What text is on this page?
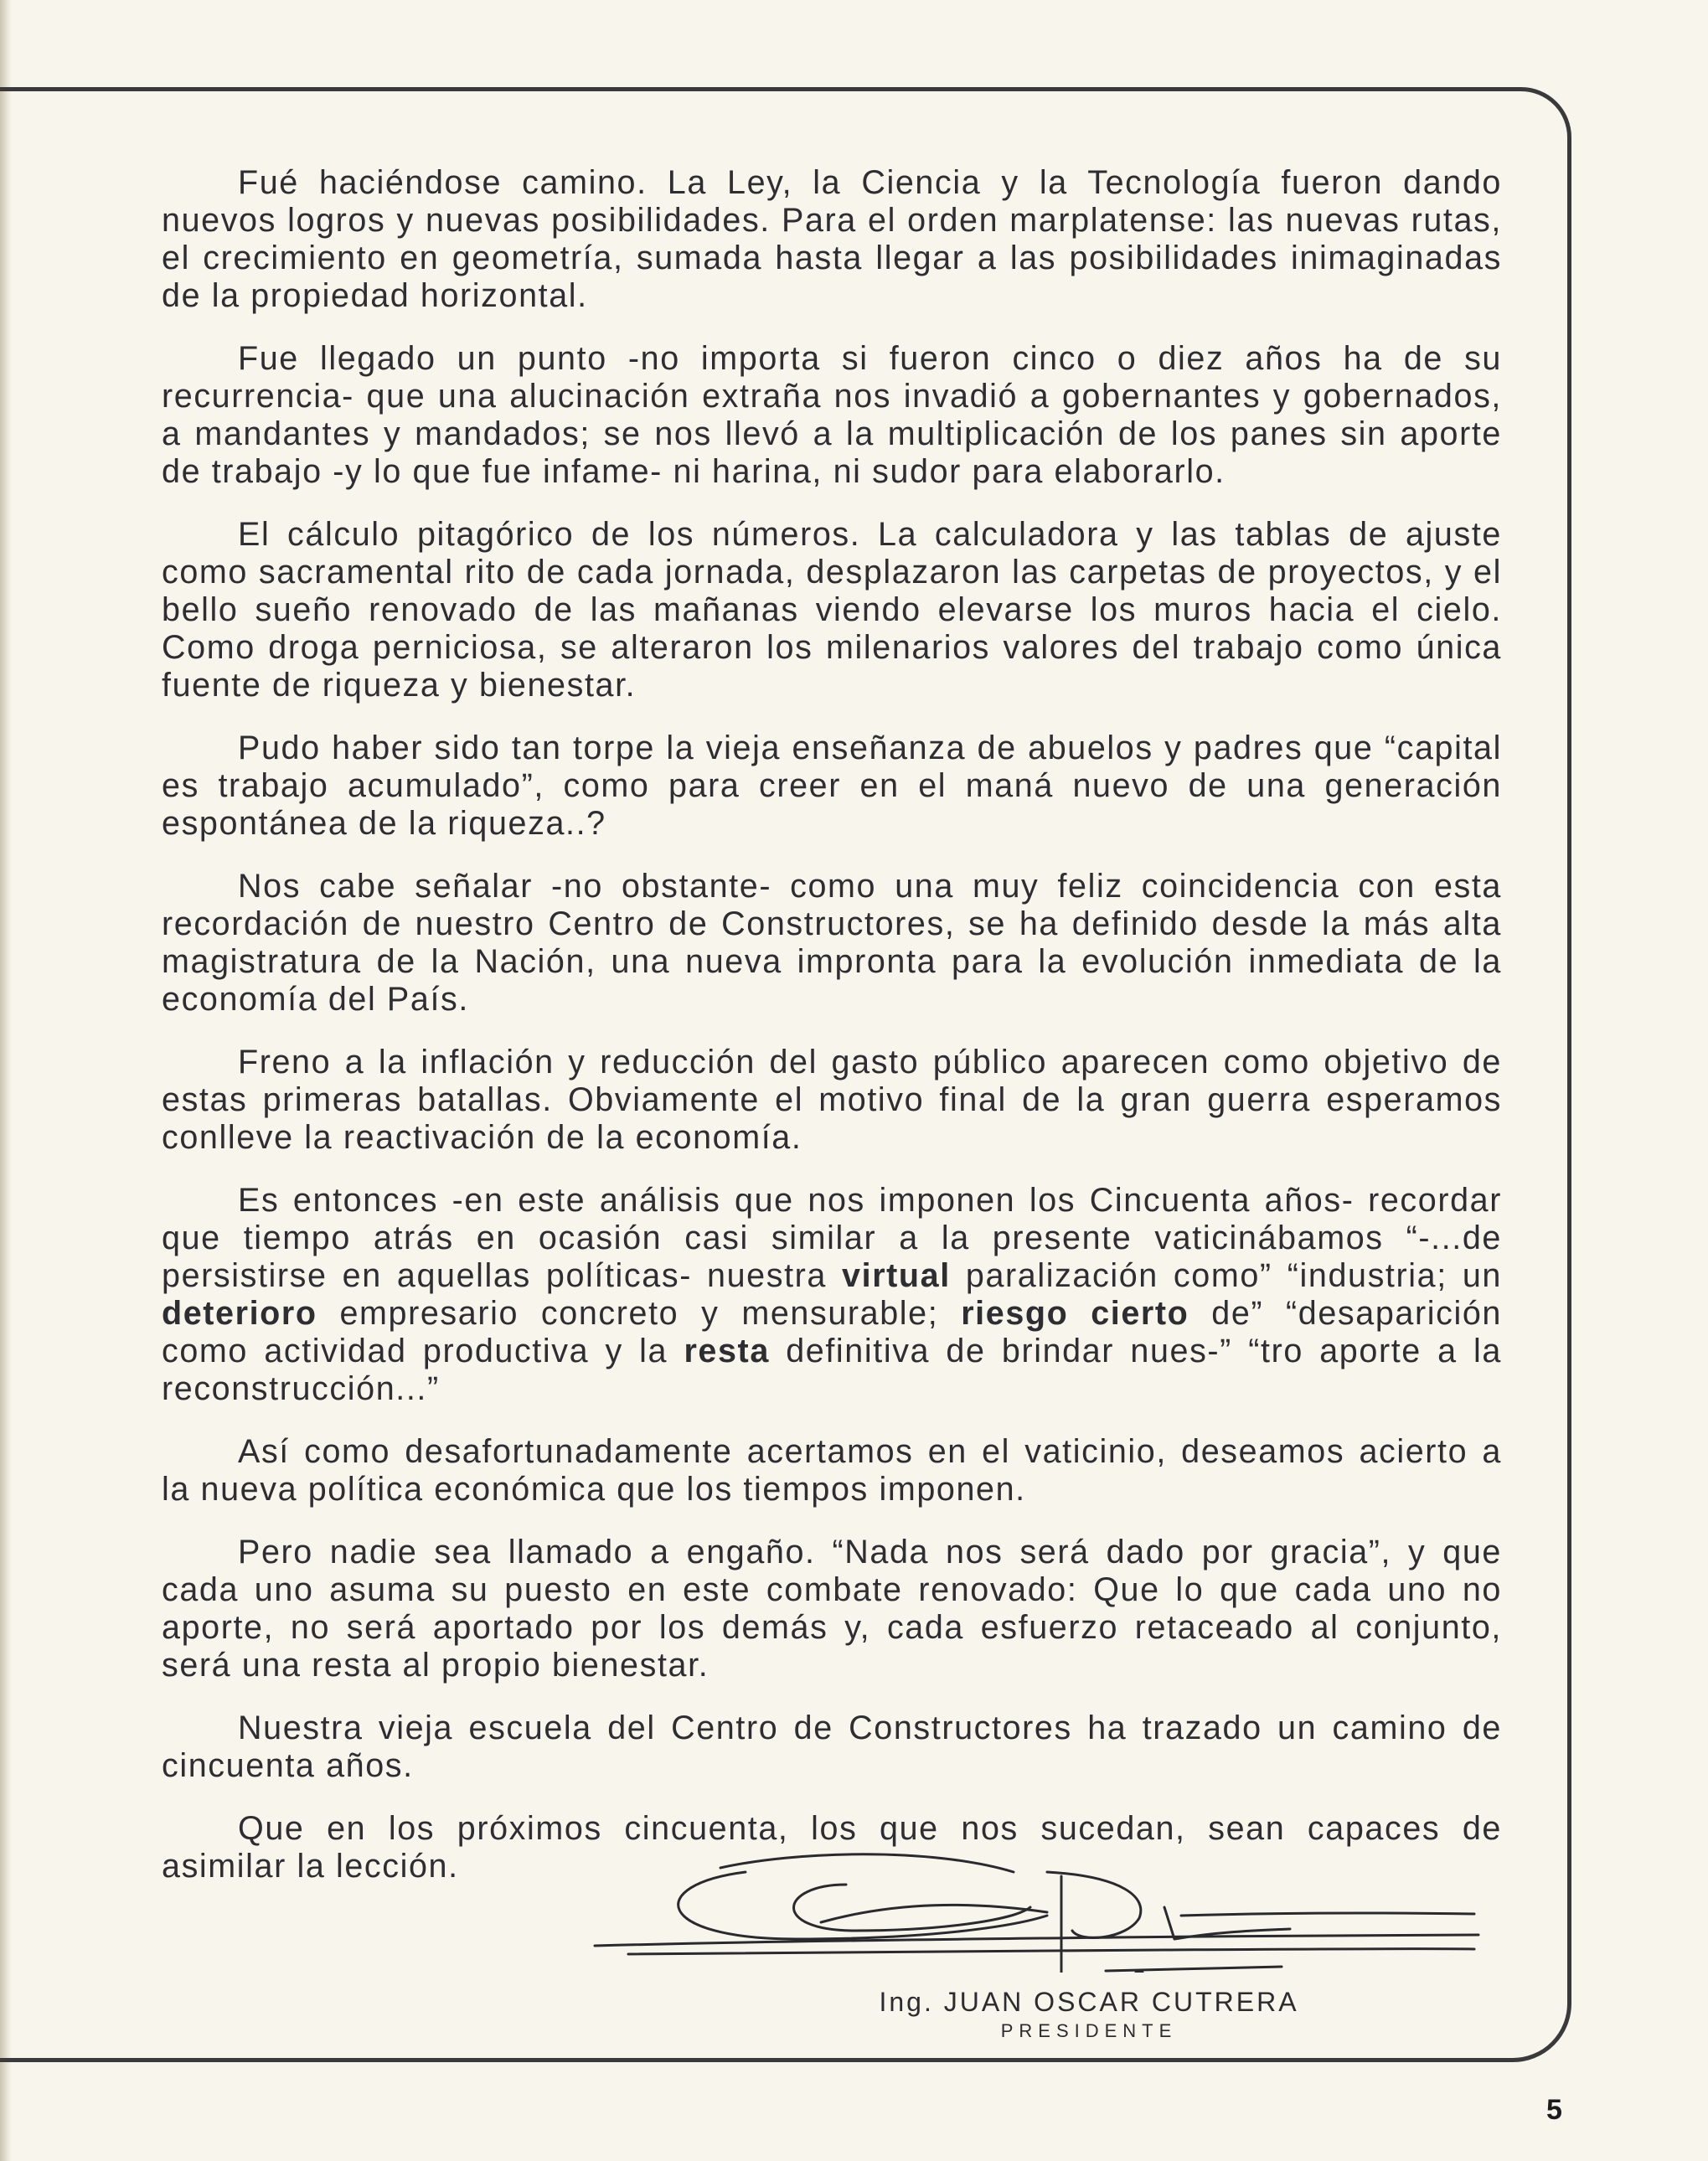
Fué haciéndose camino. La Ley, la Ciencia y la Tecnología fueron dando nuevos logros y nuevas posibilidades. Para el orden marplatense: las nuevas rutas, el crecimiento en geometría, sumada hasta llegar a las posibilidades inimaginadas de la propiedad horizontal.

Fue llegado un punto -no importa si fueron cinco o diez años ha de su recurrencia- que una alucinación extraña nos invadió a gobernantes y gobernados, a mandantes y mandados; se nos llevó a la multiplicación de los panes sin aporte de trabajo -y lo que fue infame- ni harina, ni sudor para elaborarlo.

El cálculo pitagórico de los números. La calculadora y las tablas de ajuste como sacramental rito de cada jornada, desplazaron las carpetas de proyectos, y el bello sueño renovado de las mañanas viendo elevarse los muros hacia el cielo. Como droga perniciosa, se alteraron los milenarios valores del trabajo como única fuente de riqueza y bienestar.

Pudo haber sido tan torpe la vieja enseñanza de abuelos y padres que “capital es trabajo acumulado”, como para creer en el maná nuevo de una generación espontánea de la riqueza..?

Nos cabe señalar -no obstante- como una muy feliz coincidencia con esta recordación de nuestro Centro de Constructores, se ha definido desde la más alta magistratura de la Nación, una nueva impronta para la evolución inmediata de la economía del País.

Freno a la inflación y reducción del gasto público aparecen como objetivo de estas primeras batallas. Obviamente el motivo final de la gran guerra esperamos conlleve la reactivación de la economía.

Es entonces -en este análisis que nos imponen los Cincuenta años- recordar que tiempo atrás en ocasión casi similar a la presente vaticinábamos “-...de persistirse en aquellas políticas- nuestra virtual paralización como” “industria; un deterioro empresario concreto y mensurable; riesgo cierto de” “desaparición como actividad productiva y la resta definitiva de brindar nues-” “tro aporte a la reconstrucción...”

Así como desafortunadamente acertamos en el vaticinio, deseamos acierto a la nueva política económica que los tiempos imponen.

Pero nadie sea llamado a engaño. “Nada nos será dado por gracia”, y que cada uno asuma su puesto en este combate renovado: Que lo que cada uno no aporte, no será aportado por los demás y, cada esfuerzo retaceado al conjunto, será una resta al propio bienestar.

Nuestra vieja escuela del Centro de Constructores ha trazado un camino de cincuenta años.

Que en los próximos cincuenta, los que nos sucedan, sean capaces de asimilar la lección.

Ing. JUAN OSCAR CUTRERA
PRESIDENTE
5
